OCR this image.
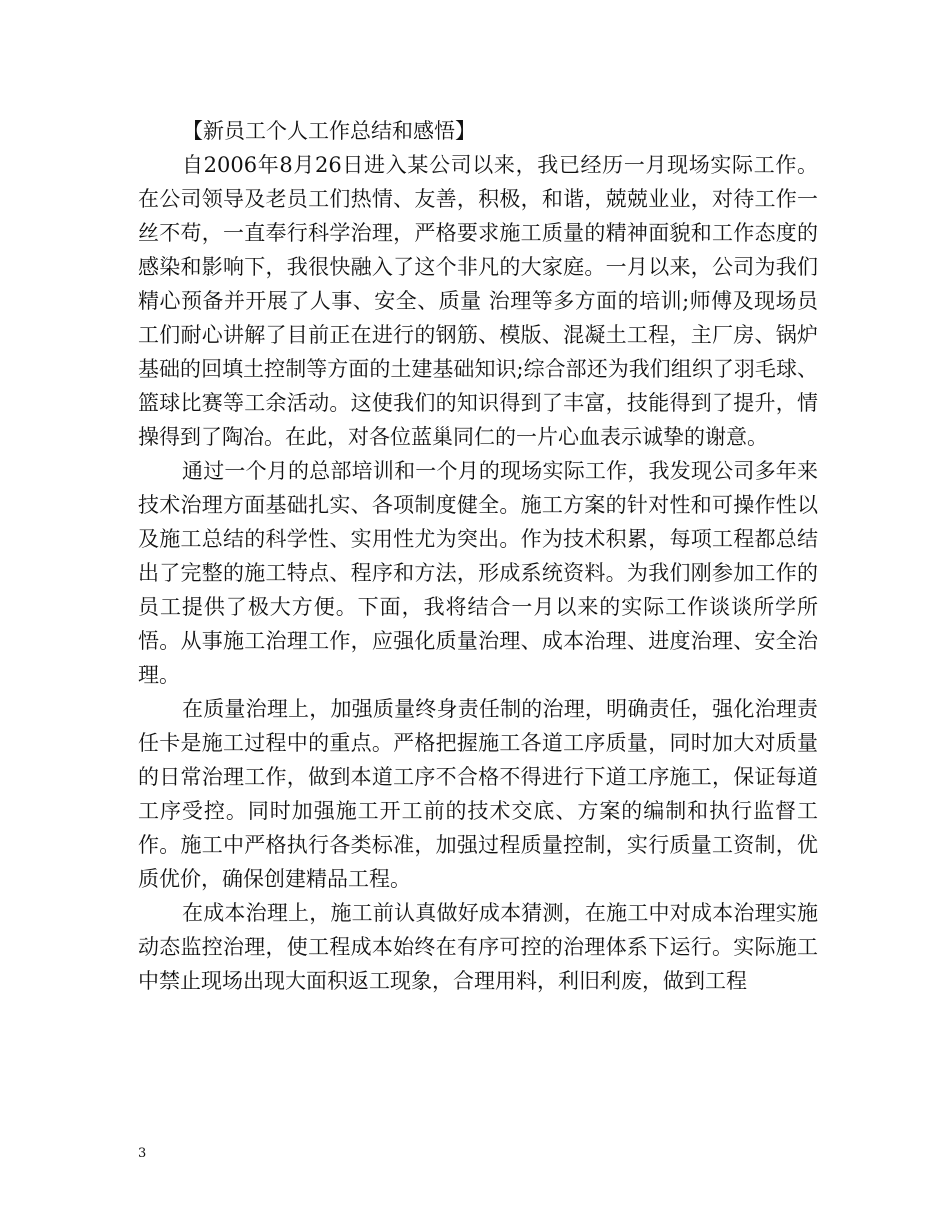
【新员工个人工作总结和感悟】

自2006年8月26日进入某公司以来，我已经历一月现场实际工作。在公司领导及老员工们热情、友善，积极，和谐，兢兢业业，对待工作一丝不苟，一直奉行科学治理，严格要求施工质量的精神面貌和工作态度的感染和影响下，我很快融入了这个非凡的大家庭。一月以来，公司为我们精心预备并开展了人事、安全、质量 治理等多方面的培训;师傅及现场员工们耐心讲解了目前正在进行的钢筋、模版、混凝土工程，主厂房、锅炉基础的回填土控制等方面的土建基础知识;综合部还为我们组织了羽毛球、篮球比赛等工余活动。这使我们的知识得到了丰富，技能得到了提升，情操得到了陶冶。在此，对各位蓝巢同仁的一片心血表示诚挚的谢意。

通过一个月的总部培训和一个月的现场实际工作，我发现公司多年来技术治理方面基础扎实、各项制度健全。施工方案的针对性和可操作性以及施工总结的科学性、实用性尤为突出。作为技术积累，每项工程都总结出了完整的施工特点、程序和方法，形成系统资料。为我们刚参加工作的员工提供了极大方便。下面，我将结合一月以来的实际工作谈谈所学所悟。从事施工治理工作，应强化质量治理、成本治理、进度治理、安全治理。

在质量治理上，加强质量终身责任制的治理，明确责任，强化治理责任卡是施工过程中的重点。严格把握施工各道工序质量，同时加大对质量的日常治理工作，做到本道工序不合格不得进行下道工序施工，保证每道工序受控。同时加强施工开工前的技术交底、方案的编制和执行监督工作。施工中严格执行各类标准，加强过程质量控制，实行质量工资制，优质优价，确保创建精品工程。

在成本治理上，施工前认真做好成本猜测，在施工中对成本治理实施动态监控治理，使工程成本始终在有序可控的治理体系下运行。实际施工中禁止现场出现大面积返工现象，合理用料，利旧利废，做到工程

3
